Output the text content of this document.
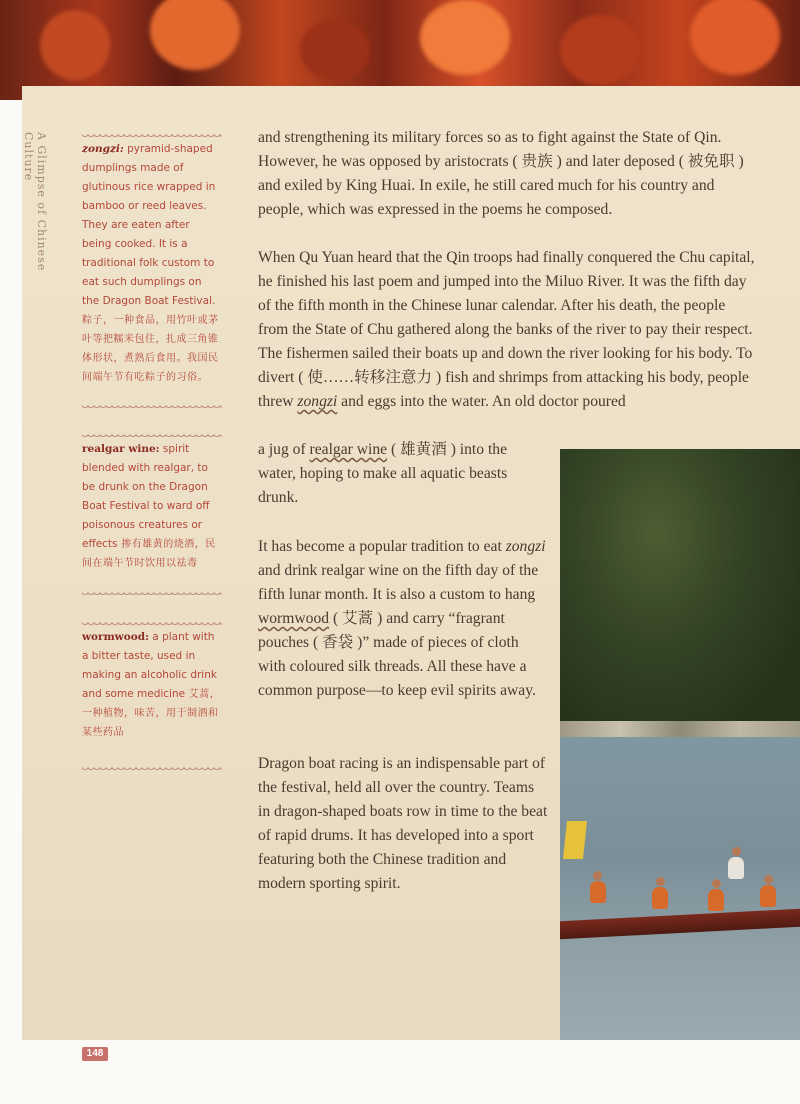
A Glimpse of Chinese Culture	zongzi: pyramid-shaped dumplings made of glutinous rice wrapped in bamboo or reed leaves. They are eaten after being cooked. It is a traditional folk custom to eat such dumplings on the Dragon Boat Festival. 粽子，一种食品，用竹叶或茅叶等把糯米包住，扎成三角锥体形状，煮熟后食用。我国民间端午节有吃粽子的习俗。
realgar wine: spirit blended with realgar, to be drunk on the Dragon Boat Festival to ward off poisonous creatures or effects 掺有雄黄的烧酒，民间在端午节时饮用以祛毒
wormwood: a plant with a bitter taste, used in making an alcoholic drink and some medicine 艾蒿，一种植物，味苦，用于制酒和某些药品

and strengthening its military forces so as to fight against the State of Qin. However, he was opposed by aristocrats ( 贵族 ) and later deposed ( 被免职 ) and exiled by King Huai. In exile, he still cared much for his country and people, which was expressed in the poems he composed.

When Qu Yuan heard that the Qin troops had finally conquered the Chu capital, he finished his last poem and jumped into the Miluo River. It was the fifth day of the fifth month in the Chinese lunar calendar. After his death, the people from the State of Chu gathered along the banks of the river to pay their respect. The fishermen sailed their boats up and down the river looking for his body. To divert ( 使……转移注意力 ) fish and shrimps from attacking his body, people threw zongzi and eggs into the water. An old doctor poured

a jug of realgar wine ( 雄黄酒 ) into the water, hoping to make all aquatic beasts drunk.

It has become a popular tradition to eat zongzi and drink realgar wine on the fifth day of the fifth lunar month. It is also a custom to hang wormwood ( 艾蒿 ) and carry “fragrant pouches ( 香袋 )” made of pieces of cloth with coloured silk threads. All these have a common purpose—to keep evil spirits away.

Dragon boat racing is an indispensable part of the festival, held all over the country. Teams in dragon-shaped boats row in time to the beat of rapid drums. It has developed into a sport featuring both the Chinese tradition and modern sporting spirit.

148
